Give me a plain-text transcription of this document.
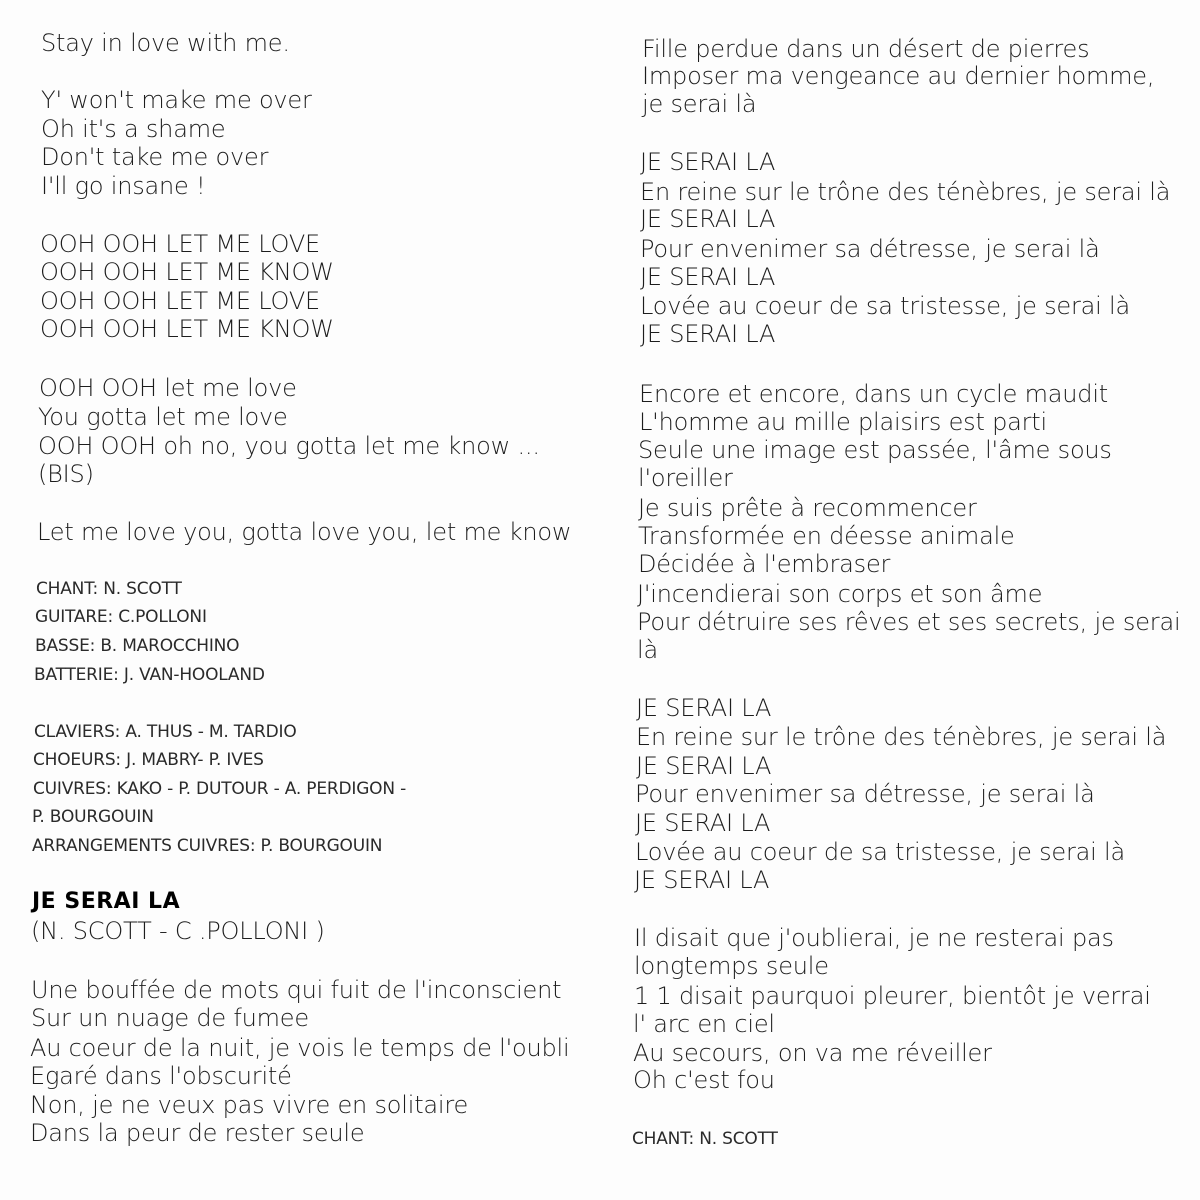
Stay in love with me.
Y' won't make me over
Oh it's a shame
Don't take me over
I'll go insane !
OOH OOH LET ME LOVE
OOH OOH LET ME KNOW
OOH OOH LET ME LOVE
OOH OOH LET ME KNOW
OOH OOH let me love
You gotta let me love
OOH OOH oh no, you gotta let me know ...
(BIS)
Let me love you, gotta love you, let me know
CHANT: N. SCOTT
GUITARE: C.POLLONI
BASSE: B. MAROCCHINO
BATTERIE: J. VAN-HOOLAND
CLAVIERS: A. THUS - M. TARDIO
CHOEURS: J. MABRY- P. IVES
CUIVRES: KAKO - P. DUTOUR - A. PERDIGON -
P. BOURGOUIN
ARRANGEMENTS CUIVRES: P. BOURGOUIN
JE SERAI LA
(N. SCOTT - C .POLLONI )
Une bouffée de mots qui fuit de l'inconscient
Sur un nuage de fumee
Au coeur de la nuit, je vois le temps de l'oubli
Egaré dans l'obscurité
Non, je ne veux pas vivre en solitaire
Dans la peur de rester seule
Fille perdue dans un désert de pierres
Imposer ma vengeance au dernier homme,
je serai là
JE SERAI LA
En reine sur le trône des ténèbres, je serai là
JE SERAI LA
Pour envenimer sa détresse, je serai là
JE SERAI LA
Lovée au coeur de sa tristesse, je serai là
JE SERAI LA
Encore et encore, dans un cycle maudit
L'homme au mille plaisirs est parti
Seule une image est passée, l'âme sous
l'oreiller
Je suis prête à recommencer
Transformée en déesse animale
Décidée à l'embraser
J'incendierai son corps et son âme
Pour détruire ses rêves et ses secrets, je serai
là
JE SERAI LA
En reine sur le trône des ténèbres, je serai là
JE SERAI LA
Pour envenimer sa détresse, je serai là
JE SERAI LA
Lovée au coeur de sa tristesse, je serai là
JE SERAI LA
Il disait que j'oublierai, je ne resterai pas
longtemps seule
1 1 disait paurquoi pleurer, bientôt je verrai
l' arc en ciel
Au secours, on va me réveiller
Oh c'est fou
CHANT: N. SCOTT
